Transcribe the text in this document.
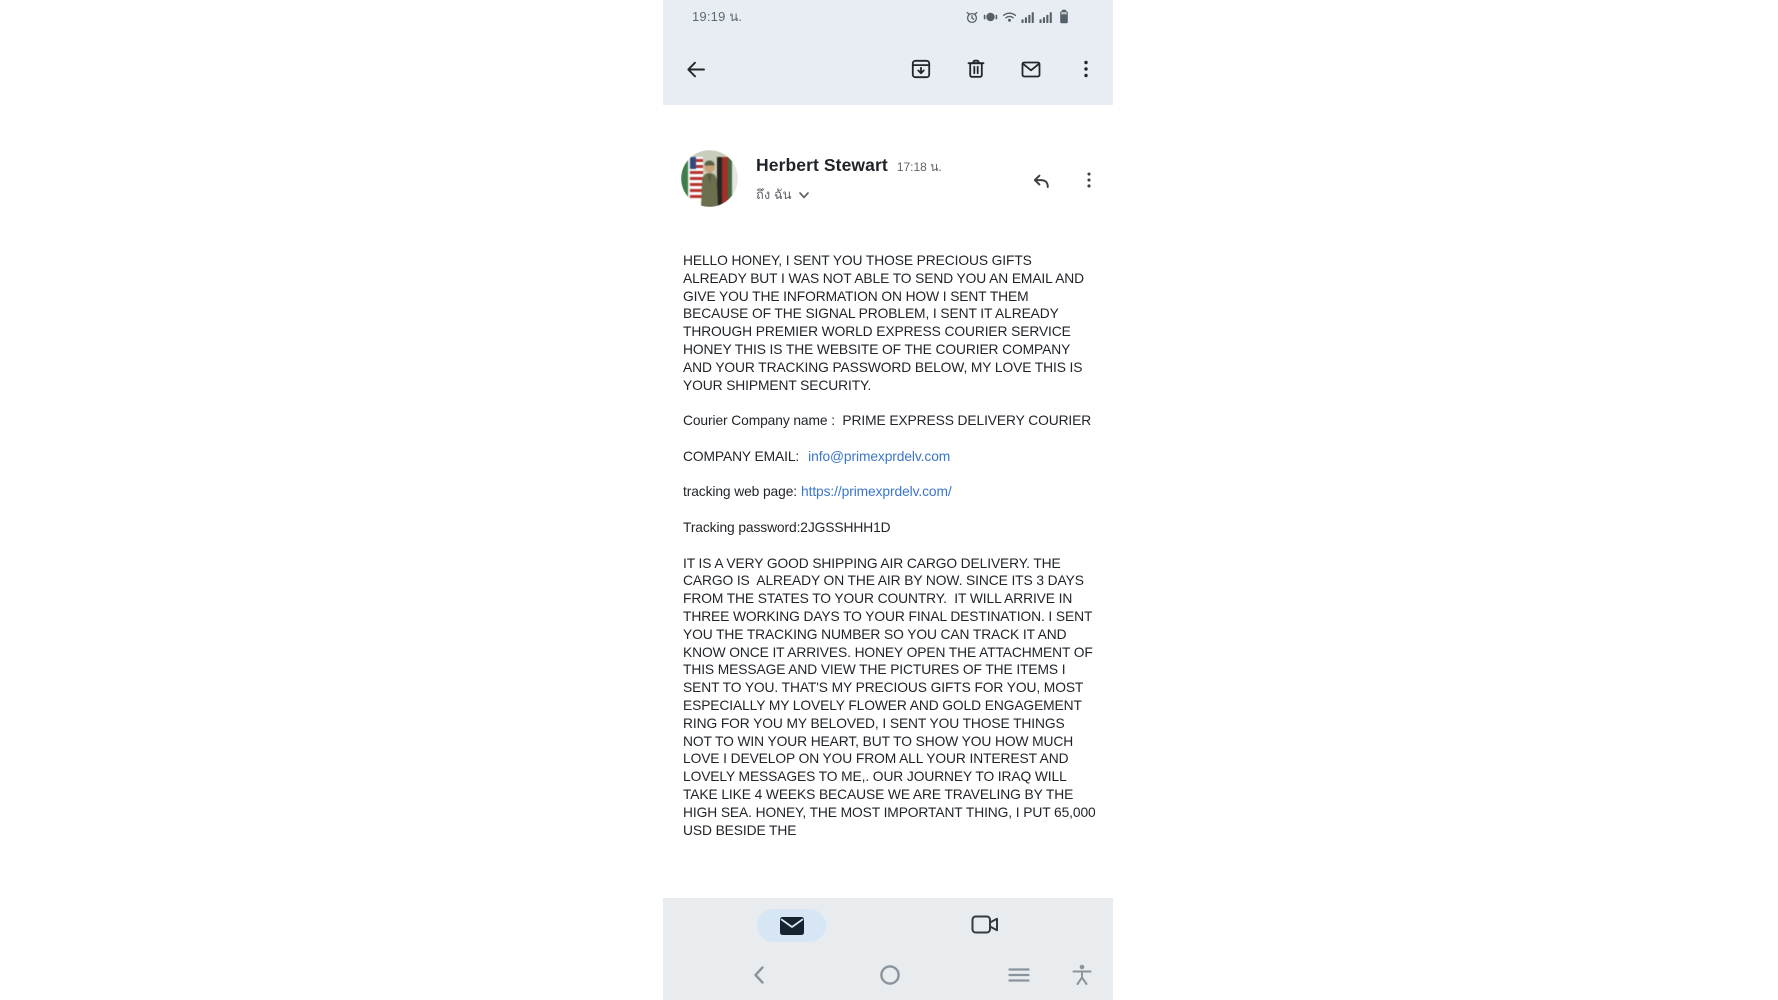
19:19 น.
Herbert Stewart 17:18 น.
ถึง ฉัน

HELLO HONEY, I SENT YOU THOSE PRECIOUS GIFTS ALREADY BUT I WAS NOT ABLE TO SEND YOU AN EMAIL AND GIVE YOU THE INFORMATION ON HOW I SENT THEM BECAUSE OF THE SIGNAL PROBLEM, I SENT IT ALREADY THROUGH PREMIER WORLD EXPRESS COURIER SERVICE HONEY THIS IS THE WEBSITE OF THE COURIER COMPANY AND YOUR TRACKING PASSWORD BELOW, MY LOVE THIS IS YOUR SHIPMENT SECURITY.

Courier Company name :  PRIME EXPRESS DELIVERY COURIER

COMPANY EMAIL: info@primexprdelv.com

tracking web page: https://primexprdelv.com/

Tracking password:2JGSSHHH1D

IT IS A VERY GOOD SHIPPING AIR CARGO DELIVERY. THE CARGO IS  ALREADY ON THE AIR BY NOW. SINCE ITS 3 DAYS FROM THE STATES TO YOUR COUNTRY.  IT WILL ARRIVE IN THREE WORKING DAYS TO YOUR FINAL DESTINATION. I SENT YOU THE TRACKING NUMBER SO YOU CAN TRACK IT AND KNOW ONCE IT ARRIVES. HONEY OPEN THE ATTACHMENT OF THIS MESSAGE AND VIEW THE PICTURES OF THE ITEMS I SENT TO YOU. THAT'S MY PRECIOUS GIFTS FOR YOU, MOST ESPECIALLY MY LOVELY FLOWER AND GOLD ENGAGEMENT RING FOR YOU MY BELOVED, I SENT YOU THOSE THINGS NOT TO WIN YOUR HEART, BUT TO SHOW YOU HOW MUCH LOVE I DEVELOP ON YOU FROM ALL YOUR INTEREST AND LOVELY MESSAGES TO ME,. OUR JOURNEY TO IRAQ WILL TAKE LIKE 4 WEEKS BECAUSE WE ARE TRAVELING BY THE HIGH SEA. HONEY, THE MOST IMPORTANT THING, I PUT 65,000 USD BESIDE THE
